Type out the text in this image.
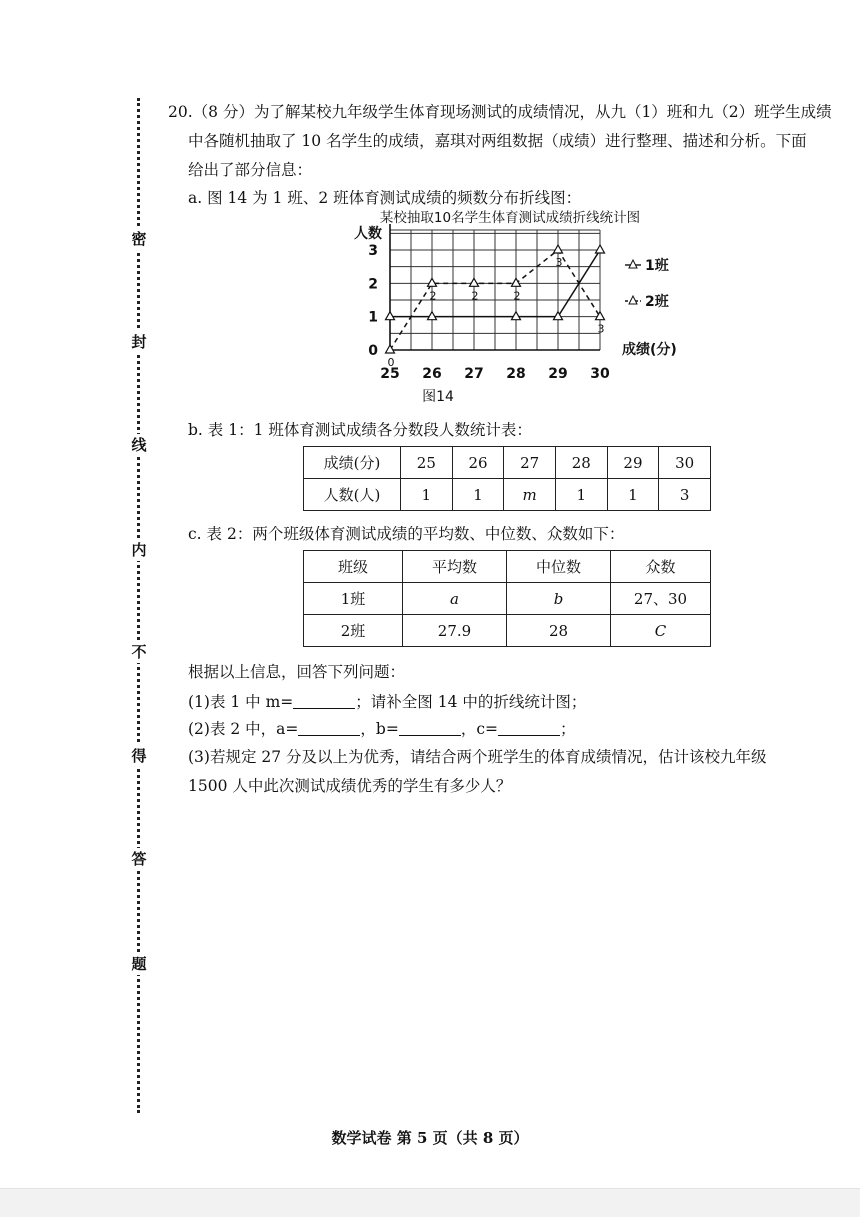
密
封
线
内
不
得
答
题
20.（8 分）为了解某校九年级学生体育现场测试的成绩情况，从九（1）班和九（2）班学生成绩
中各随机抽取了 10 名学生的成绩，嘉琪对两组数据（成绩）进行整理、描述和分析。下面
给出了部分信息：
a. 图 14 为 1 班、2 班体育测试成绩的频数分布折线图：
某校抽取10名学生体育测试成绩折线统计图
人数
成绩(分)
0
1
2
3
25 26 27 28 29 30
图14
0
2	2	2
3
3
1班
2班
b. 表 1：1 班体育测试成绩各分数段人数统计表：
成绩(分)	25	26	27	28	29	30
人数(人)	1	1	m	1	1	3
c. 表 2：两个班级体育测试成绩的平均数、中位数、众数如下：
班级	平均数	中位数	众数
1班	a	b	27、30
2班	27.9	28	C
根据以上信息，回答下列问题：
(1)表 1 中 m=	；请补全图 14 中的折线统计图；
(2)表 2 中，a=	，b=	，c=	；
(3)若规定 27 分及以上为优秀，请结合两个班学生的体育成绩情况，估计该校九年级
1500 人中此次测试成绩优秀的学生有多少人？
数学试卷 第 5 页（共 8 页）
